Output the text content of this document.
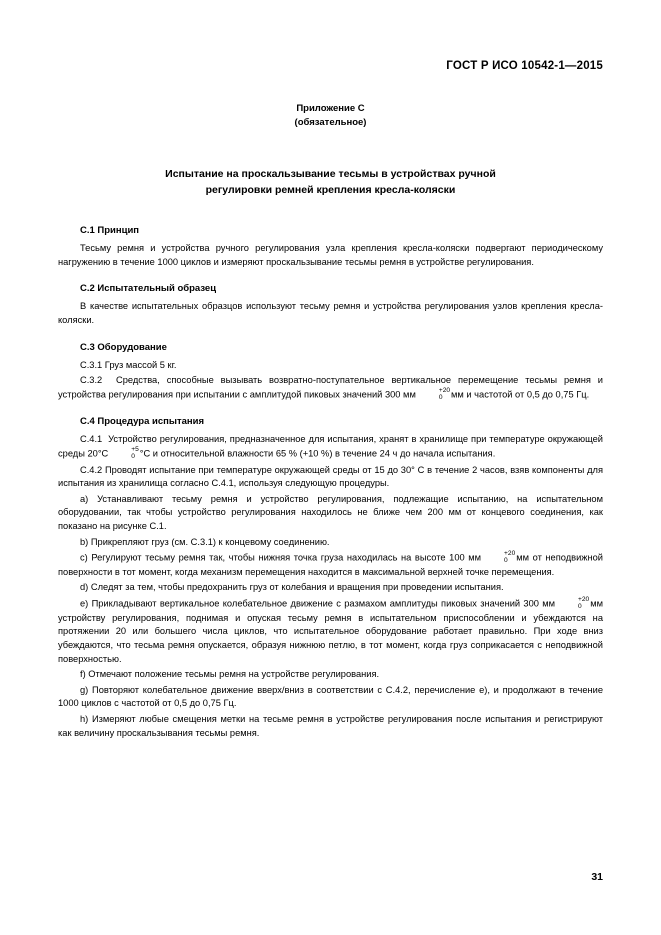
ГОСТ Р ИСО 10542-1—2015
Приложение С
(обязательное)
Испытание на проскальзывание тесьмы в устройствах ручной
регулировки ремней крепления кресла-коляски
С.1 Принцип

Тесьму ремня и устройства ручного регулирования узла крепления кресла-коляски подвергают периодическому нагружению в течение 1000 циклов и измеряют проскальзывание тесьмы ремня в устройстве регулирования.

С.2 Испытательный образец

В качестве испытательных образцов используют тесьму ремня и устройства регулирования узлов крепления кресла-коляски.

С.3 Оборудование

С.3.1 Груз массой 5 кг.

С.3.2  Средства, способные вызывать возвратно-поступательное вертикальное перемещение тесьмы ремня и устройства регулирования при испытании с амплитудой пиковых значений 300 мм	+20
0 мм и частотой от 0,5 до 0,75 Гц.

С.4 Процедура испытания

С.4.1  Устройство регулирования, предназначенное для испытания, хранят в хранилище при температуре окружающей среды 20°С	+5
0 °С и относительной влажности 65 % (+10 %) в течение 24 ч до начала испытания.

С.4.2 Проводят испытание при температуре окружающей среды от 15 до 30° С в течение 2 часов, взяв компоненты для испытания из хранилища согласно С.4.1, используя следующую процедуры.

а) Устанавливают тесьму ремня и устройство регулирования, подлежащие испытанию, на испытательном оборудовании, так чтобы устройство регулирования находилось не ближе чем 200 мм от концевого соединения, как показано на рисунке С.1.

b) Прикрепляют груз (см. С.3.1) к концевому соединению.

с) Регулируют тесьму ремня так, чтобы нижняя точка груза находилась на высоте 100 мм	+20
0 мм от неподвижной поверхности в тот момент, когда механизм перемещения находится в максимальной верхней точке перемещения.

d) Следят за тем, чтобы предохранить груз от колебания и вращения при проведении испытания.

e) Прикладывают вертикальное колебательное движение с размахом амплитуды пиковых значений 300 мм	+20
0 мм устройству регулирования, поднимая и опуская тесьму ремня в испытательном приспособлении и убеждаются на протяжении 20 или большего числа циклов, что испытательное оборудование работает правильно. При ходе вниз убеждаются, что тесьма ремня опускается, образуя нижнюю петлю, в тот момент, когда груз соприкасается с неподвижной поверхностью.

f) Отмечают положение тесьмы ремня на устройстве регулирования.

g) Повторяют колебательное движение вверх/вниз в соответствии с С.4.2, перечисление e), и продолжают в течение 1000 циклов с частотой от 0,5 до 0,75 Гц.

h) Измеряют любые смещения метки на тесьме ремня в устройстве регулирования после испытания и регистрируют как величину проскальзывания тесьмы ремня.

31
